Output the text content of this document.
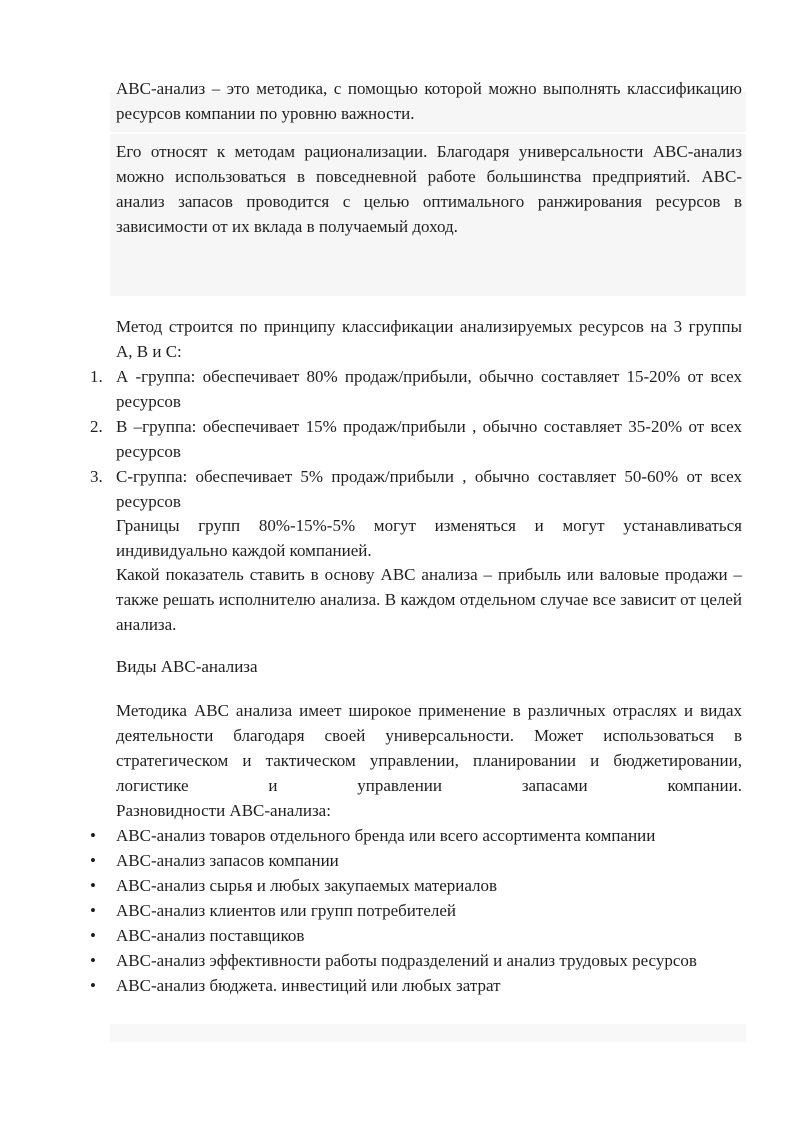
ABC-анализ – это методика, с помощью которой можно выполнять классификацию ресурсов компании по уровню важности.

Его относят к методам рационализации. Благодаря универсальности ABC-анализ можно использоваться в повседневной работе большинства предприятий. ABC-анализ запасов проводится с целью оптимального ранжирования ресурсов в зависимости от их вклада в получаемый доход.

Метод строится по принципу классификации анализируемых ресурсов на 3 группы А, В и С:

1. А -группа: обеспечивает 80% продаж/прибыли, обычно составляет 15-20% от всех ресурсов
2. В –группа: обеспечивает 15% продаж/прибыли , обычно составляет 35-20% от всех ресурсов
3. С-группа: обеспечивает 5% продаж/прибыли , обычно составляет 50-60% от всех ресурсов

Границы групп 80%-15%-5% могут изменяться и могут устанавливаться индивидуально каждой компанией.

Какой показатель ставить в основу АВС анализа – прибыль или валовые продажи – также решать исполнителю анализа. В каждом отдельном случае все зависит от целей анализа.

Виды ABC-анализа

Методика АВС анализа имеет широкое применение в различных отраслях и видах деятельности благодаря своей универсальности. Может использоваться в стратегическом и тактическом управлении, планировании и бюджетировании, логистике и управлении запасами компании.

Разновидности ABC-анализа:

• ABC-анализ товаров отдельного бренда или всего ассортимента компании
• ABC-анализ запасов компании
• ABC-анализ сырья и любых закупаемых материалов
• ABC-анализ клиентов или групп потребителей
• ABC-анализ поставщиков
• ABC-анализ эффективности работы подразделений и анализ трудовых ресурсов
• ABC-анализ бюджета. инвестиций или любых затрат
